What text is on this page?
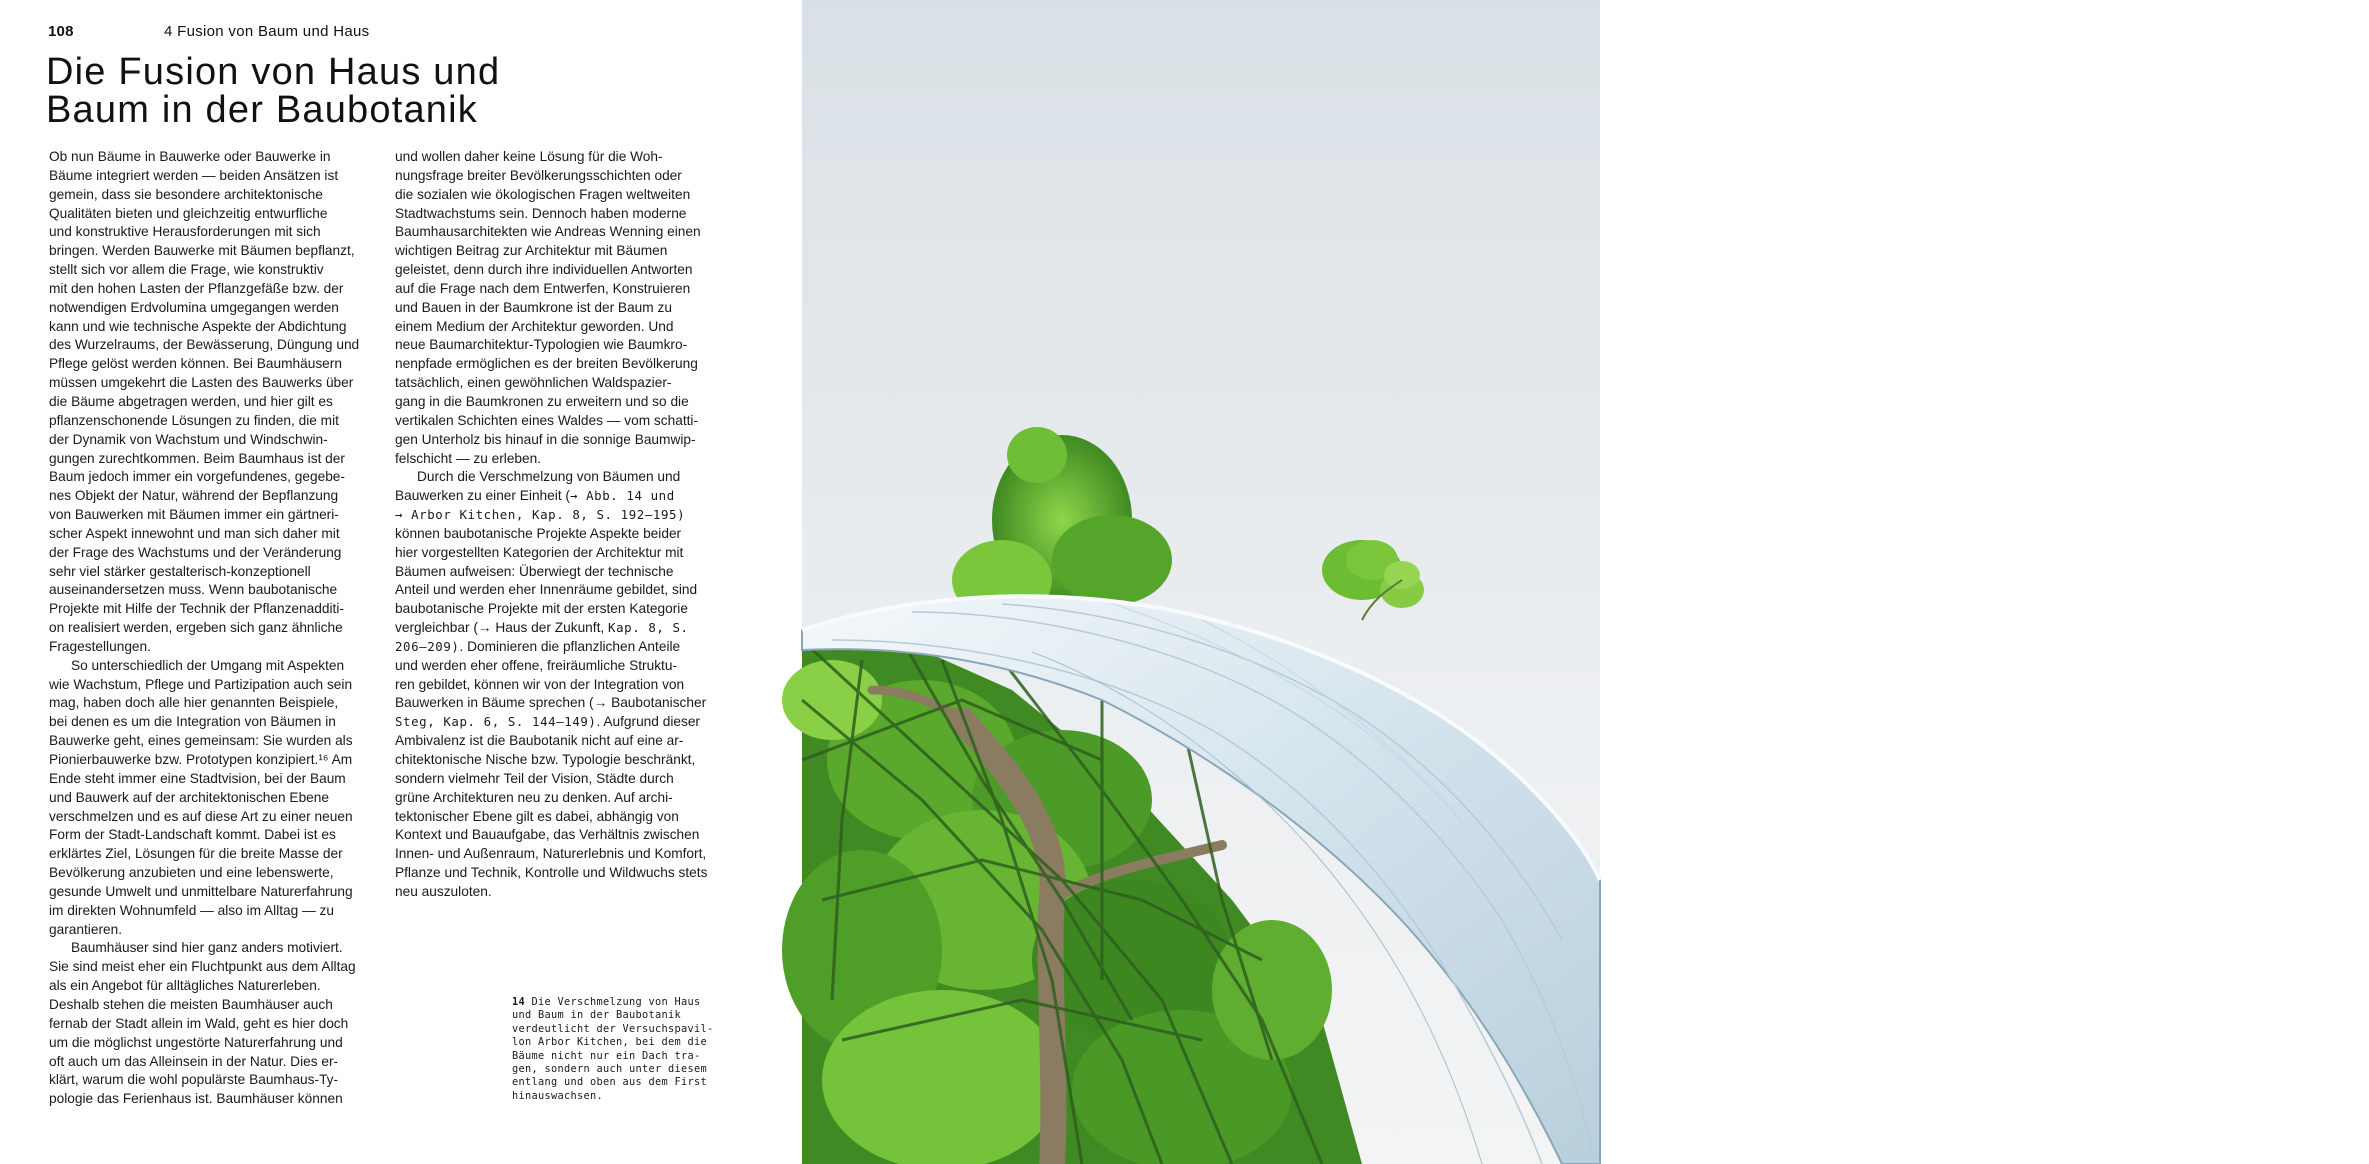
108	4 Fusion von Baum und Haus
Die Fusion von Haus und
Baum in der Baubotanik
Ob nun Bäume in Bauwerke oder Bauwerke in
Bäume integriert werden — beiden Ansätzen ist
gemein, dass sie besondere architektonische
Qualitäten bieten und gleichzeitig entwurfliche
und konstruktive Herausforderungen mit sich
bringen. Werden Bauwerke mit Bäumen bepflanzt,
stellt sich vor allem die Frage, wie konstruktiv
mit den hohen Lasten der Pflanzgefäße bzw. der
notwendigen Erdvolumina umgegangen werden
kann und wie technische Aspekte der Abdichtung
des Wurzelraums, der Bewässerung, Düngung und
Pflege gelöst werden können. Bei Baumhäusern
müssen umgekehrt die Lasten des Bauwerks über
die Bäume abgetragen werden, und hier gilt es
pflanzenschonende Lösungen zu finden, die mit
der Dynamik von Wachstum und Windschwin-
gungen zurechtkommen. Beim Baumhaus ist der
Baum jedoch immer ein vorgefundenes, gegebe-
nes Objekt der Natur, während der Bepflanzung
von Bauwerken mit Bäumen immer ein gärtneri-
scher Aspekt innewohnt und man sich daher mit
der Frage des Wachstums und der Veränderung
sehr viel stärker gestalterisch-konzeptionell
auseinandersetzen muss. Wenn baubotanische
Projekte mit Hilfe der Technik der Pflanzenadditi-
on realisiert werden, ergeben sich ganz ähnliche
Fragestellungen.
So unterschiedlich der Umgang mit Aspekten
wie Wachstum, Pflege und Partizipation auch sein
mag, haben doch alle hier genannten Beispiele,
bei denen es um die Integration von Bäumen in
Bauwerke geht, eines gemeinsam: Sie wurden als
Pionierbauwerke bzw. Prototypen konzipiert.¹⁶ Am
Ende steht immer eine Stadtvision, bei der Baum
und Bauwerk auf der architektonischen Ebene
verschmelzen und es auf diese Art zu einer neuen
Form der Stadt-Landschaft kommt. Dabei ist es
erklärtes Ziel, Lösungen für die breite Masse der
Bevölkerung anzubieten und eine lebenswerte,
gesunde Umwelt und unmittelbare Naturerfahrung
im direkten Wohnumfeld — also im Alltag — zu
garantieren.
Baumhäuser sind hier ganz anders motiviert.
Sie sind meist eher ein Fluchtpunkt aus dem Alltag
als ein Angebot für alltägliches Naturerleben.
Deshalb stehen die meisten Baumhäuser auch
fernab der Stadt allein im Wald, geht es hier doch
um die möglichst ungestörte Naturerfahrung und
oft auch um das Alleinsein in der Natur. Dies er-
klärt, warum die wohl populärste Baumhaus-Ty-
pologie das Ferienhaus ist. Baumhäuser können
und wollen daher keine Lösung für die Woh-
nungsfrage breiter Bevölkerungsschichten oder
die sozialen wie ökologischen Fragen weltweiten
Stadtwachstums sein. Dennoch haben moderne
Baumhausarchitekten wie Andreas Wenning einen
wichtigen Beitrag zur Architektur mit Bäumen
geleistet, denn durch ihre individuellen Antworten
auf die Frage nach dem Entwerfen, Konstruieren
und Bauen in der Baumkrone ist der Baum zu
einem Medium der Architektur geworden. Und
neue Baumarchitektur-Typologien wie Baumkro-
nenpfade ermöglichen es der breiten Bevölkerung
tatsächlich, einen gewöhnlichen Waldspazier-
gang in die Baumkronen zu erweitern und so die
vertikalen Schichten eines Waldes — vom schatti-
gen Unterholz bis hinauf in die sonnige Baumwip-
felschicht — zu erleben.
Durch die Verschmelzung von Bäumen und
Bauwerken zu einer Einheit (→ Abb. 14 und
→ Arbor Kitchen, Kap. 8, S. 192—195)
können baubotanische Projekte Aspekte beider
hier vorgestellten Kategorien der Architektur mit
Bäumen aufweisen: Überwiegt der technische
Anteil und werden eher Innenräume gebildet, sind
baubotanische Projekte mit der ersten Kategorie
vergleichbar (→ Haus der Zukunft, Kap. 8, S.
206—209). Dominieren die pflanzlichen Anteile
und werden eher offene, freiräumliche Struktu-
ren gebildet, können wir von der Integration von
Bauwerken in Bäume sprechen (→ Baubotanischer
Steg, Kap. 6, S. 144—149). Aufgrund dieser
Ambivalenz ist die Baubotanik nicht auf eine ar-
chitektonische Nische bzw. Typologie beschränkt,
sondern vielmehr Teil der Vision, Städte durch
grüne Architekturen neu zu denken. Auf archi-
tektonischer Ebene gilt es dabei, abhängig von
Kontext und Bauaufgabe, das Verhältnis zwischen
Innen- und Außenraum, Naturerlebnis und Komfort,
Pflanze und Technik, Kontrolle und Wildwuchs stets
neu auszuloten.
14 Die Verschmelzung von Haus
und Baum in der Baubotanik
verdeutlicht der Versuchspavil-
lon Arbor Kitchen, bei dem die
Bäume nicht nur ein Dach tra-
gen, sondern auch unter diesem
entlang und oben aus dem First
hinauswachsen.
14
